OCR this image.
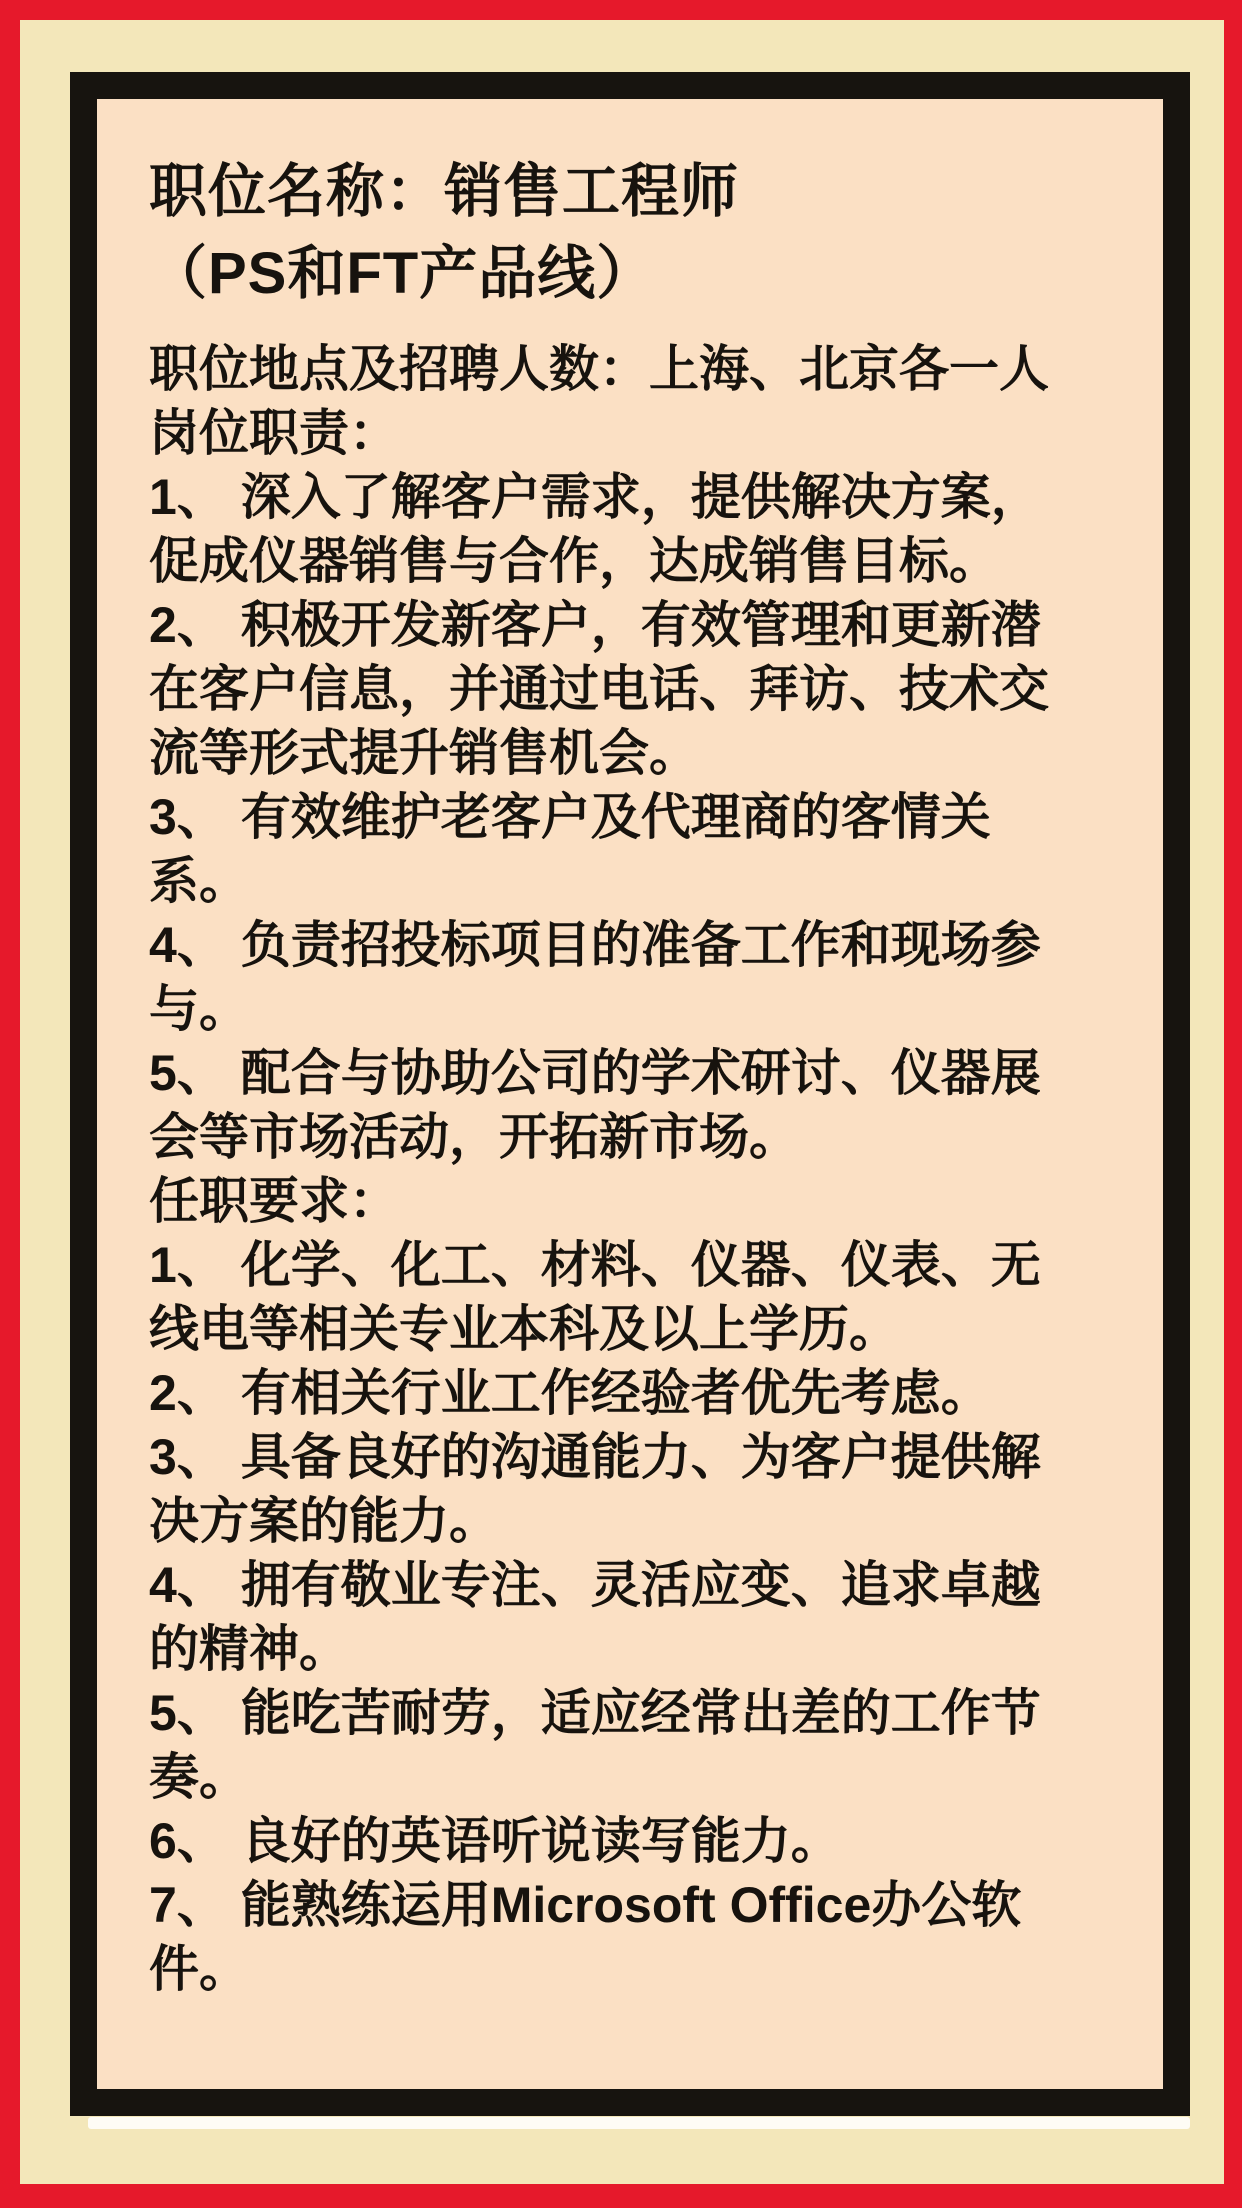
职位名称：销售工程师
（PS和FT产品线）
职位地点及招聘人数：上海、北京各一人
岗位职责：
1、 深入了解客户需求，提供解决方案，
促成仪器销售与合作，达成销售目标。
2、 积极开发新客户，有效管理和更新潜
在客户信息，并通过电话、拜访、技术交
流等形式提升销售机会。
3、 有效维护老客户及代理商的客情关
系。
4、 负责招投标项目的准备工作和现场参
与。
5、 配合与协助公司的学术研讨、仪器展
会等市场活动，开拓新市场。
任职要求：
1、 化学、化工、材料、仪器、仪表、无
线电等相关专业本科及以上学历。
2、 有相关行业工作经验者优先考虑。
3、 具备良好的沟通能力、为客户提供解
决方案的能力。
4、 拥有敬业专注、灵活应变、追求卓越
的精神。
5、 能吃苦耐劳，适应经常出差的工作节
奏。
6、 良好的英语听说读写能力。
7、 能熟练运用Microsoft Office办公软
件。
